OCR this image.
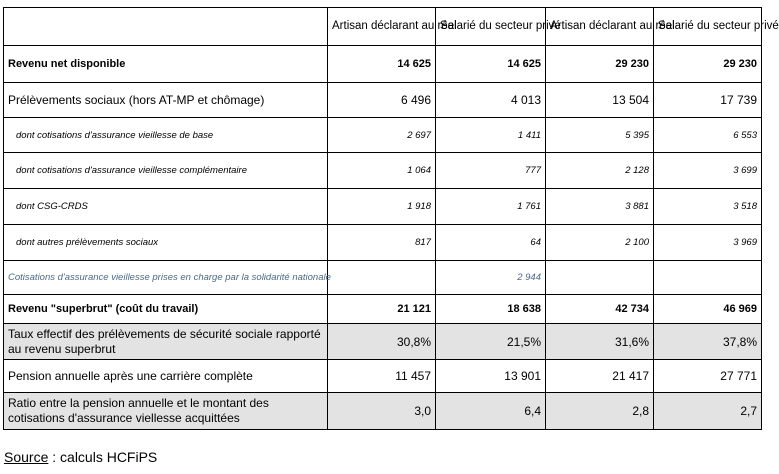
	Artisan déclarant au réel	Salarié du secteur privé	Artisan déclarant au réel	Salarié du secteur privé
Revenu net disponible	14 625	14 625	29 230	29 230
Prélèvements sociaux (hors AT-MP et chômage)	6 496	4 013	13 504	17 739
dont cotisations d'assurance vieillesse de base	2 697	1 411	5 395	6 553
dont cotisations d'assurance vieillesse complémentaire	1 064	777	2 128	3 699
dont CSG-CRDS	1 918	1 761	3 881	3 518
dont autres prélèvements sociaux	817	64	2 100	3 969
Cotisations d'assurance vieillesse prises en charge par la solidarité nationale		2 944		
Revenu "superbrut" (coût du travail)	21 121	18 638	42 734	46 969
Taux effectif des prélèvements de sécurité sociale rapporté au revenu superbrut	30,8%	21,5%	31,6%	37,8%
Pension annuelle après une carrière complète	11 457	13 901	21 417	27 771
Ratio entre la pension annuelle et le montant des cotisations d'assurance viellesse acquittées	3,0	6,4	2,8	2,7
Source : calculs HCFiPS
